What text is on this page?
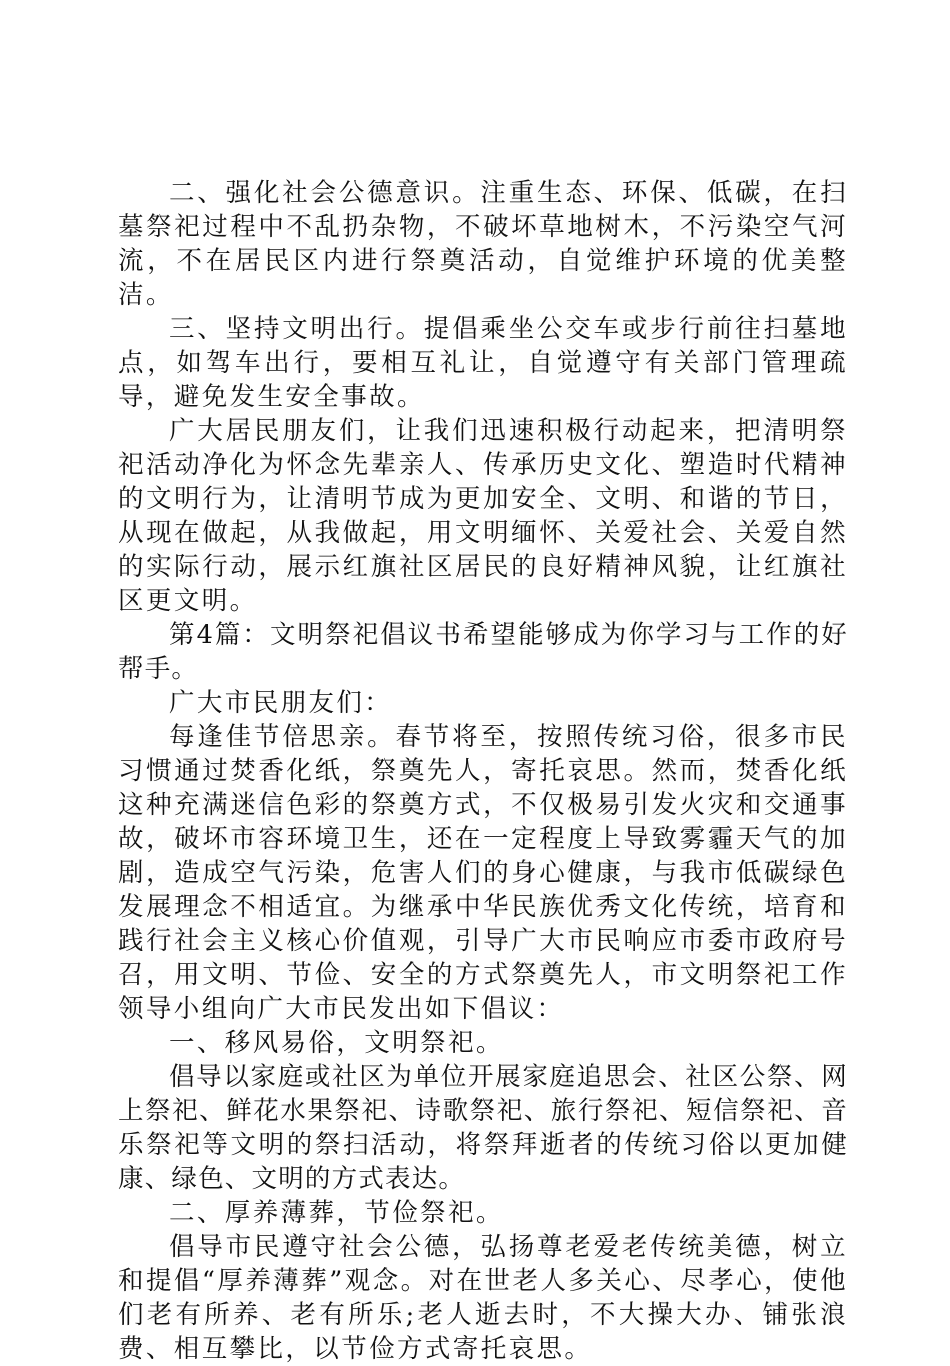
二、强化社会公德意识。注重生态、环保、低碳，在扫墓祭祀过程中不乱扔杂物，不破坏草地树木，不污染空气河流，不在居民区内进行祭奠活动，自觉维护环境的优美整洁。

三、坚持文明出行。提倡乘坐公交车或步行前往扫墓地点，如驾车出行，要相互礼让，自觉遵守有关部门管理疏导，避免发生安全事故。

广大居民朋友们，让我们迅速积极行动起来，把清明祭祀活动净化为怀念先辈亲人、传承历史文化、塑造时代精神的文明行为，让清明节成为更加安全、文明、和谐的节日，从现在做起，从我做起，用文明缅怀、关爱社会、关爱自然的实际行动，展示红旗社区居民的良好精神风貌，让红旗社区更文明。

第4篇：文明祭祀倡议书希望能够成为你学习与工作的好帮手。

广大市民朋友们：

每逢佳节倍思亲。春节将至，按照传统习俗，很多市民习惯通过焚香化纸，祭奠先人，寄托哀思。然而，焚香化纸这种充满迷信色彩的祭奠方式，不仅极易引发火灾和交通事故，破坏市容环境卫生，还在一定程度上导致雾霾天气的加剧，造成空气污染，危害人们的身心健康，与我市低碳绿色发展理念不相适宜。为继承中华民族优秀文化传统，培育和践行社会主义核心价值观，引导广大市民响应市委市政府号召，用文明、节俭、安全的方式祭奠先人，市文明祭祀工作领导小组向广大市民发出如下倡议：

一、移风易俗，文明祭祀。

倡导以家庭或社区为单位开展家庭追思会、社区公祭、网上祭祀、鲜花水果祭祀、诗歌祭祀、旅行祭祀、短信祭祀、音乐祭祀等文明的祭扫活动，将祭拜逝者的传统习俗以更加健康、绿色、文明的方式表达。

二、厚养薄葬，节俭祭祀。

倡导市民遵守社会公德，弘扬尊老爱老传统美德，树立和提倡“厚养薄葬”观念。对在世老人多关心、尽孝心，使他们老有所养、老有所乐;老人逝去时，不大操大办、铺张浪费、相互攀比，以节俭方式寄托哀思。
